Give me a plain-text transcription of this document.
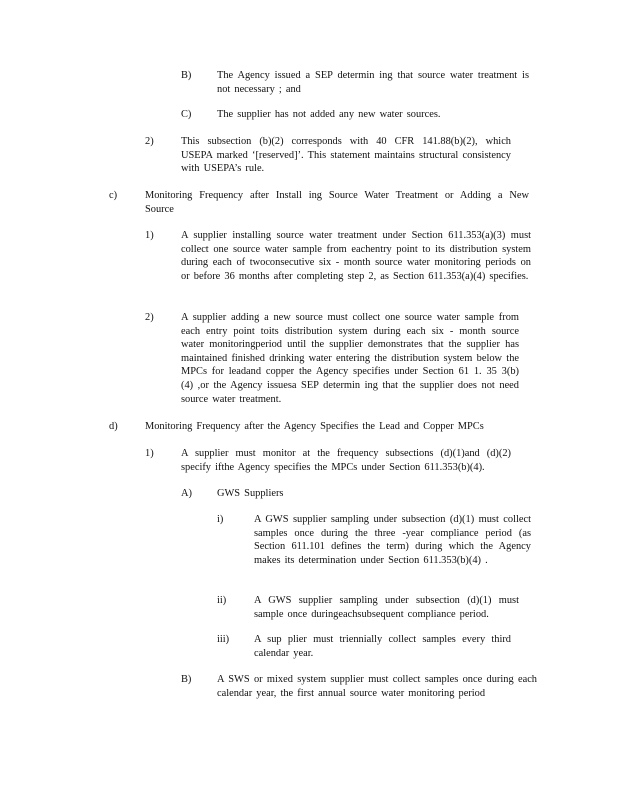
B) The Agency issued a SEP determin ing that source water treatment is not necessary ; and
C) The supplier has not added any new water sources.
2)	This subsection (b)(2) corresponds with 40 CFR 141.88(b)(2), which USEPA marked ‘[reserved]’. This statement maintains structural consistency with USEPA’s rule.
c)	Monitoring Frequency after Install ing Source Water Treatment or Adding a New Source
1)	A supplier installing source water treatment under Section 611.353(a)(3) must collect one source water sample from eachentry point to its distribution system during each of twoconsecutive six - month source water monitoring periods on or before 36 months after completing step 2, as Section 611.353(a)(4) specifies.
2)	A supplier adding a new source must collect one source water sample from each entry point toits distribution system during each six - month source water monitoringperiod until the supplier demonstrates that the supplier has maintained finished drinking water entering the distribution system below the MPCs for leadand copper the Agency specifies under Section 61 1. 35 3(b)(4) ,or the Agency issuesa SEP determin ing that the supplier does not need source water treatment.
d)	Monitoring Frequency after the Agency Specifies the Lead and Copper MPCs
1)	A supplier must monitor at the frequency subsections (d)(1)and (d)(2) specify ifthe Agency specifies the MPCs under Section 611.353(b)(4).
A) GWS Suppliers
i)	A GWS supplier sampling under subsection (d)(1) must collect samples once during the three -year compliance period (as Section 611.101 defines the term) during which the Agency makes its determination under Section 611.353(b)(4) .
ii)	A GWS supplier sampling under subsection (d)(1) must sample once duringeachsubsequent compliance period.
iii) A sup plier must triennially collect samples every third calendar year.
B) A SWS or mixed system supplier must collect samples once during each calendar year, the first annual source water monitoring period
